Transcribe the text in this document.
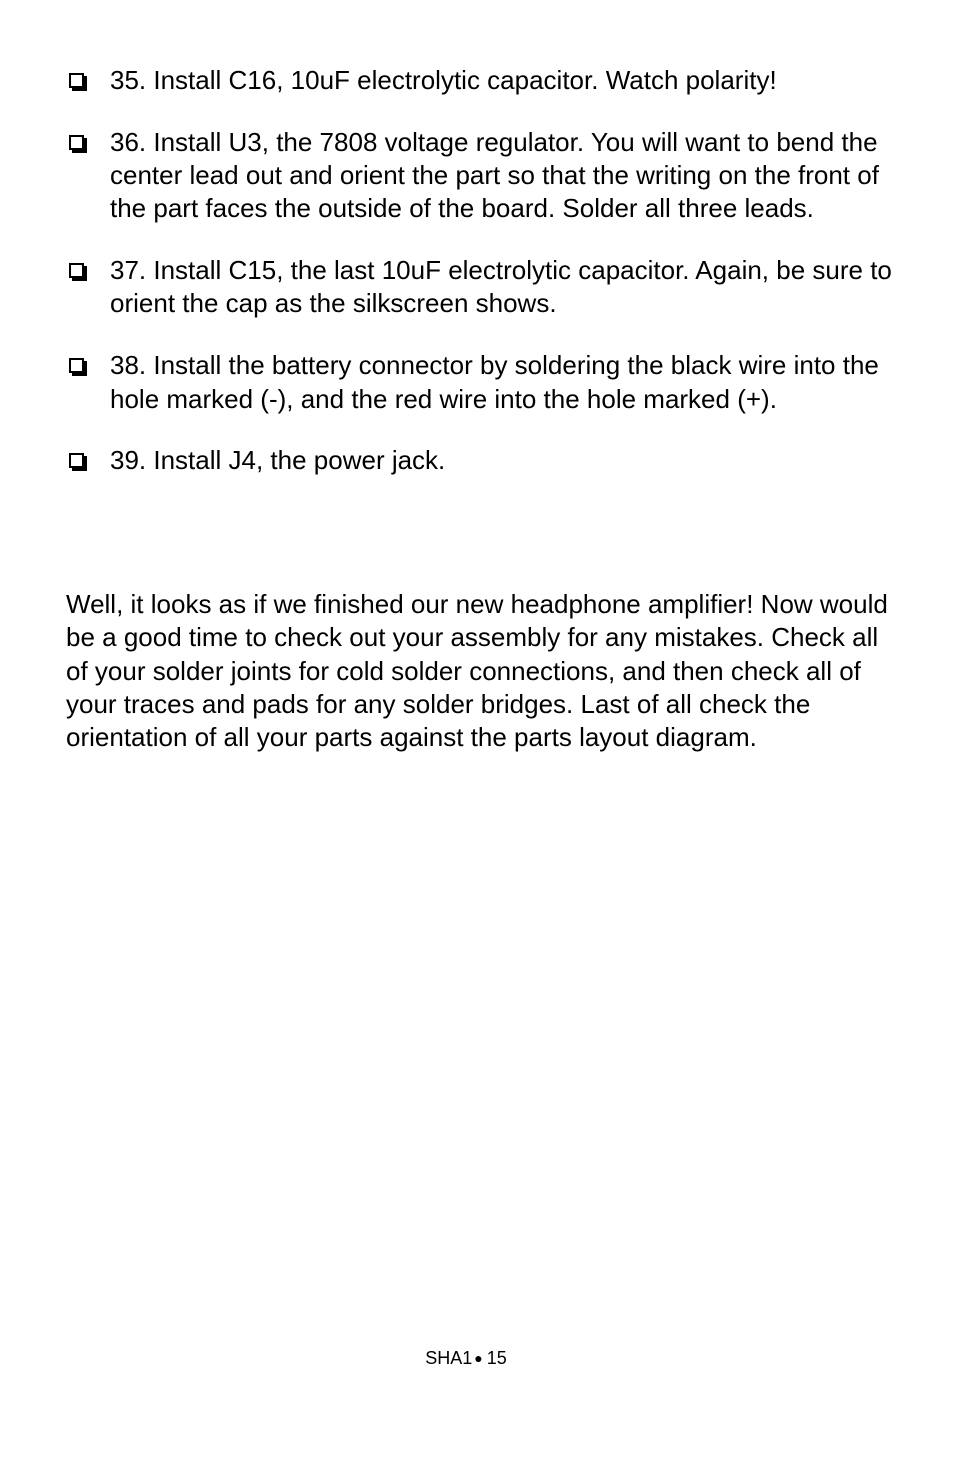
35. Install C16, 10uF electrolytic capacitor. Watch polarity!
36. Install U3, the 7808 voltage regulator. You will want to bend the center lead out and orient the part so that the writing on the front of the part faces the outside of the board. Solder all three leads.
37. Install C15, the last 10uF electrolytic capacitor. Again, be sure to orient the cap as the silkscreen shows.
38. Install the battery connector by soldering the black wire into the hole marked (-), and the red wire into the hole marked (+).
39. Install J4, the power jack.

Well, it looks as if we finished our new headphone amplifier! Now would be a good time to check out your assembly for any mistakes. Check all of your solder joints for cold solder connections, and then check all of your traces and pads for any solder bridges. Last of all check the orientation of all your parts against the parts layout diagram.

SHA1 ● 15
